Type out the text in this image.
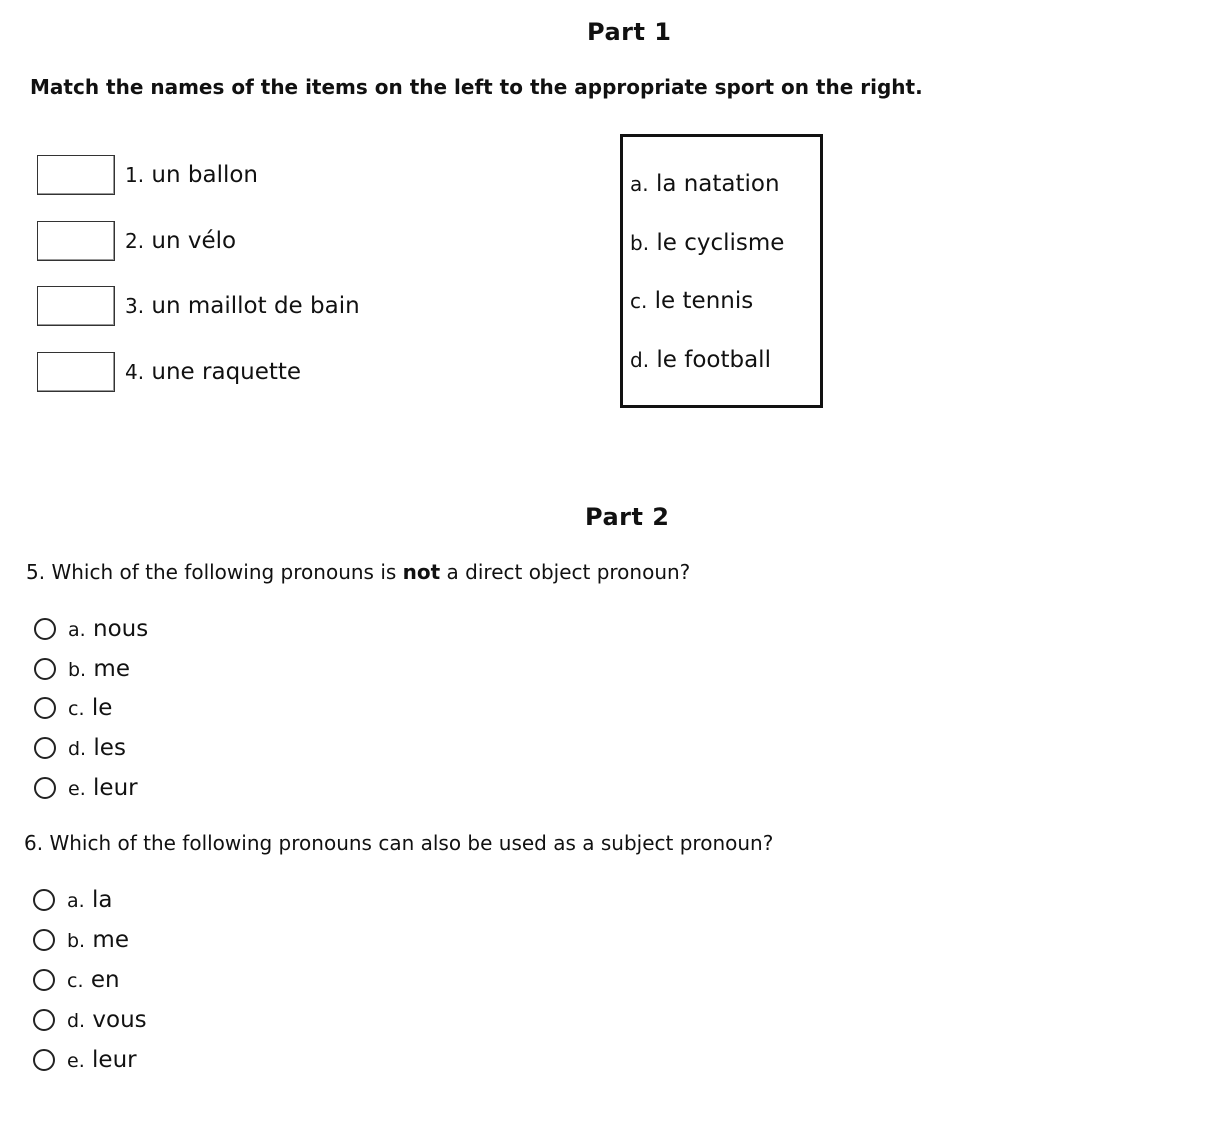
Part 1
Match the names of the items on the left to the appropriate sport on the right.
1. un ballon
2. un vélo
3. un maillot de bain
4. une raquette
a. la natation
b. le cyclisme
c. le tennis
d. le football
Part 2
5. Which of the following pronouns is not a direct object pronoun?
a. nous
b. me
c. le
d. les
e. leur
6. Which of the following pronouns can also be used as a subject pronoun?
a. la
b. me
c. en
d. vous
e. leur
